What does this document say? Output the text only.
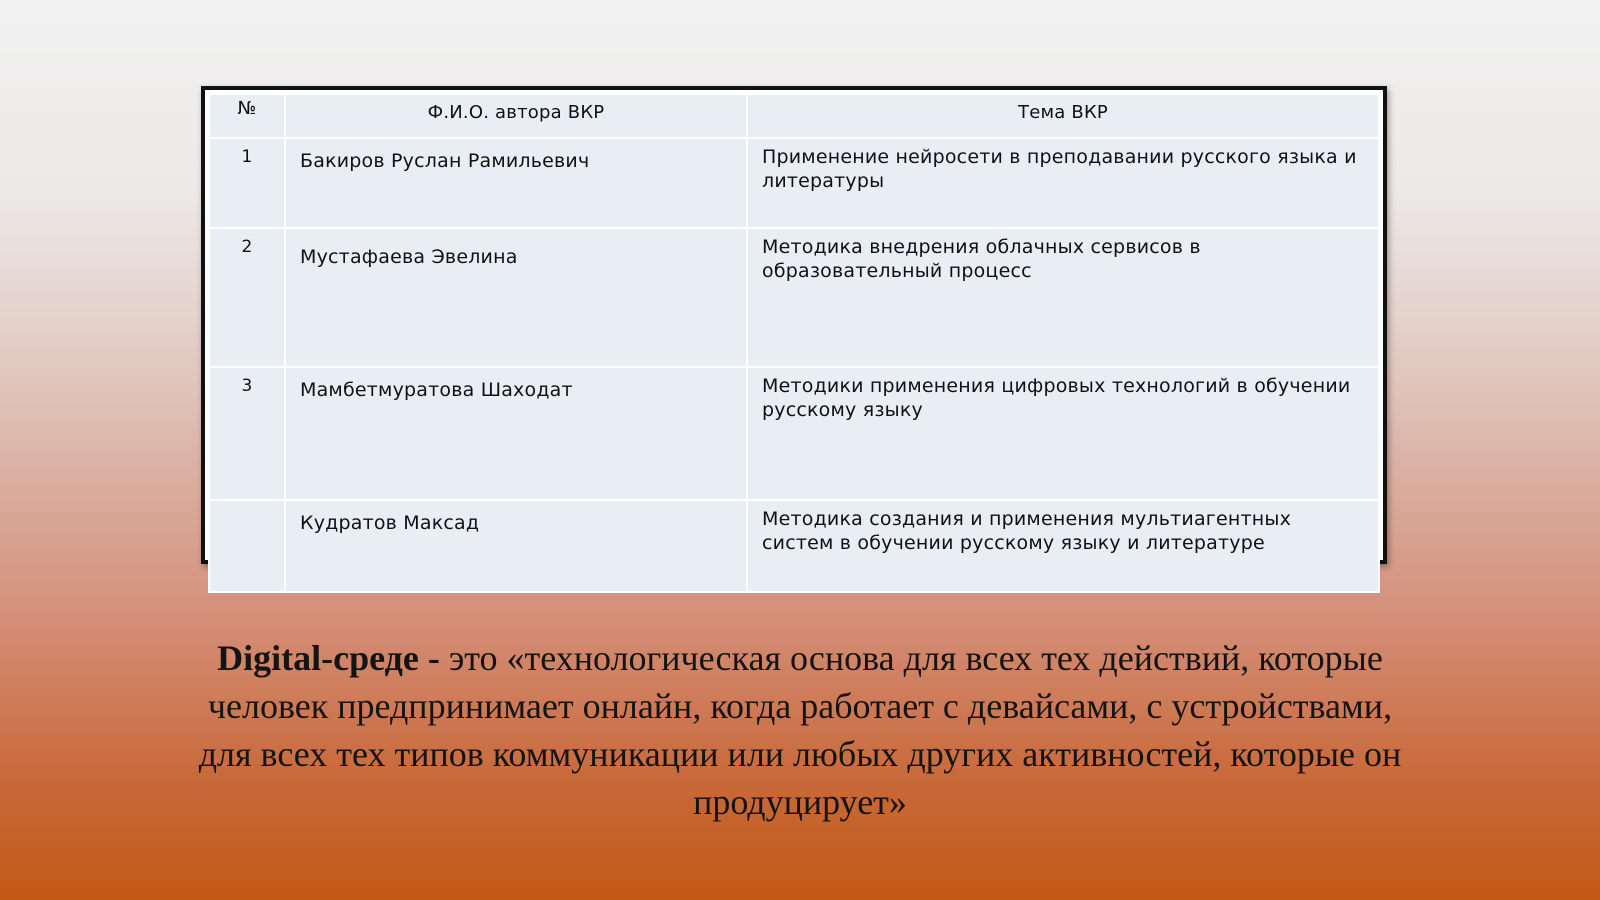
№	Ф.И.О. автора ВКР	Тема ВКР
1	Бакиров Руслан Рамильевич	Применение нейросети в преподавании русского языка и литературы
2	Мустафаева Эвелина	Методика внедрения облачных сервисов в образовательный процесс
3	Мамбетмуратова Шаходат	Методики применения цифровых технологий в обучении русскому языку
	Кудратов Максад	Методика создания и применения мультиагентных систем в обучении русскому языку и литературе
Digital-среде - это «технологическая основа для всех тех действий, которые человек предпринимает онлайн, когда работает с девайсами, с устройствами, для всех тех типов коммуникации или любых других активностей, которые он продуцирует»
